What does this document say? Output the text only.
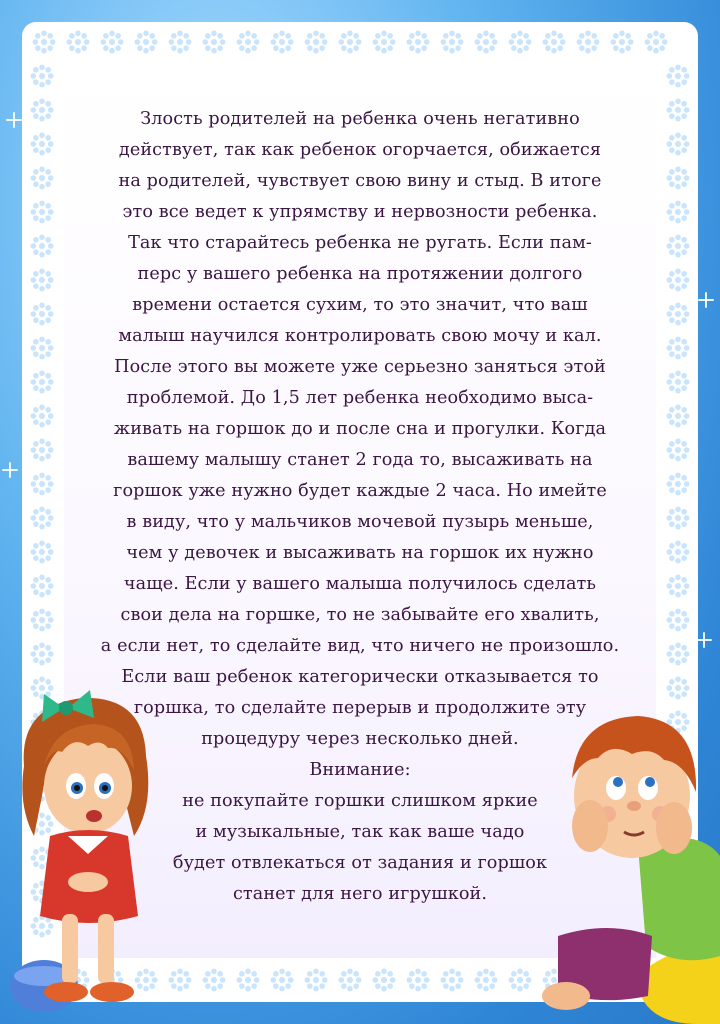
Злость родителей на ребенка очень негативно
действует, так как ребенок огорчается, обижается
на родителей, чувствует свою вину и стыд. В итоге
это все ведет к упрямству и нервозности ребенка.
Так что старайтесь ребенка не ругать. Если пам-
перс у вашего ребенка на протяжении долгого
времени остается сухим, то это значит, что ваш
малыш научился контролировать свою мочу и кал.
После этого вы можете уже серьезно заняться этой
проблемой. До 1,5 лет ребенка необходимо выса-
живать на горшок до и после сна и прогулки. Когда
вашему малышу станет 2 года то, высаживать на
горшок уже нужно будет каждые 2 часа. Но имейте
в виду, что у мальчиков мочевой пузырь меньше,
чем у девочек и высаживать на горшок их нужно
чаще. Если у вашего малыша получилось сделать
свои дела на горшке, то не забывайте его хвалить,
а если нет, то сделайте вид, что ничего не произошло.
Если ваш ребенок категорически отказывается то
горшка, то сделайте перерыв и продолжите эту
процедуру через несколько дней.
Внимание:
не покупайте горшки слишком яркие
и музыкальные, так как ваше чадо
будет отвлекаться от задания и горшок
станет для него игрушкой.
